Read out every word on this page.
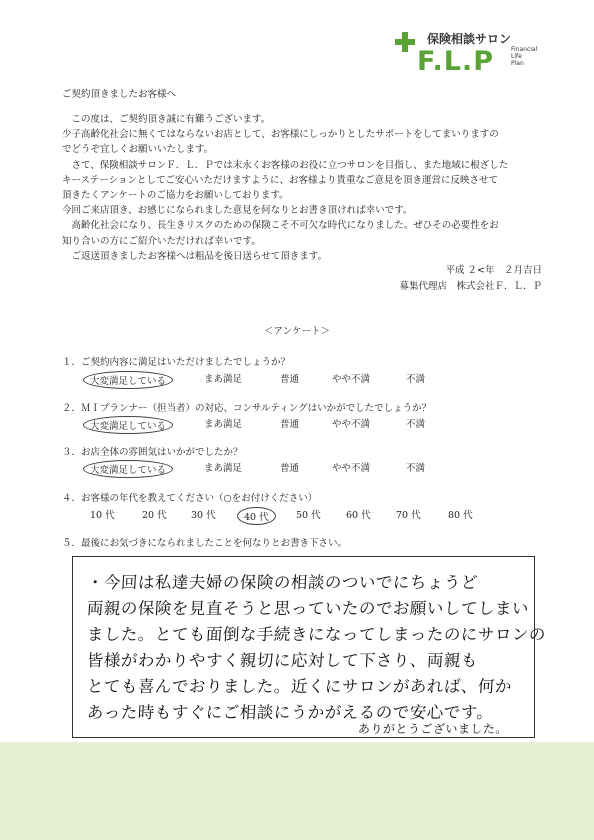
保険相談サロン
F.L.P	Financial
Life
Plan
ご契約頂きましたお客様へ
　この度は、ご契約頂き誠に有難うございます。
少子高齢化社会に無くてはならないお店として、お客様にしっかりとしたサポートをしてまいりますの
でどうぞ宜しくお願いいたします。
　さて、保険相談サロンＦ．Ｌ．Ｐでは末永くお客様のお役に立つサロンを目指し、また地域に根ざした
キーステーションとしてご安心いただけますように、お客様より貴重なご意見を頂き運営に反映させて
頂きたくアンケートのご協力をお願いしております。
今回ご来店頂き、お感じになられました意見を何なりとお書き頂ければ幸いです。
　高齢化社会になり、長生きリスクのための保険こそ不可欠な時代になりました。ぜひその必要性をお
知り合いの方にご紹介いただければ幸いです。
　ご返送頂きましたお客様へは粗品を後日送らせて頂きます。
平成 ２<年　２月吉日
募集代理店　株式会社Ｆ．Ｌ．Ｐ
＜アンケート＞
１．ご契約内容に満足はいただけましたでしょうか？
大変満足している	まあ満足	普通	やや不満	不満
２．ＭＩプランナー（担当者）の対応、コンサルティングはいかがでしたでしょうか？
大変満足している	まあ満足	普通	やや不満	不満
３．お店全体の雰囲気はいかがでしたか？
大変満足している	まあ満足	普通	やや不満	不満
４．お客様の年代を教えてください（○をお付けください）
10 代	20 代	30 代	40 代	50 代	60 代	70 代	80 代
５．最後にお気づきになられましたことを何なりとお書き下さい。
・今回は私達夫婦の保険の相談のついでにちょうど
両親の保険を見直そうと思っていたのでお願いしてしまい
ました。とても面倒な手続きになってしまったのにサロンの
皆様がわかりやすく親切に応対して下さり、両親も
とても喜んでおりました。近くにサロンがあれば、何か
あった時もすぐにご相談にうかがえるので安心です。
ありがとうございました。
